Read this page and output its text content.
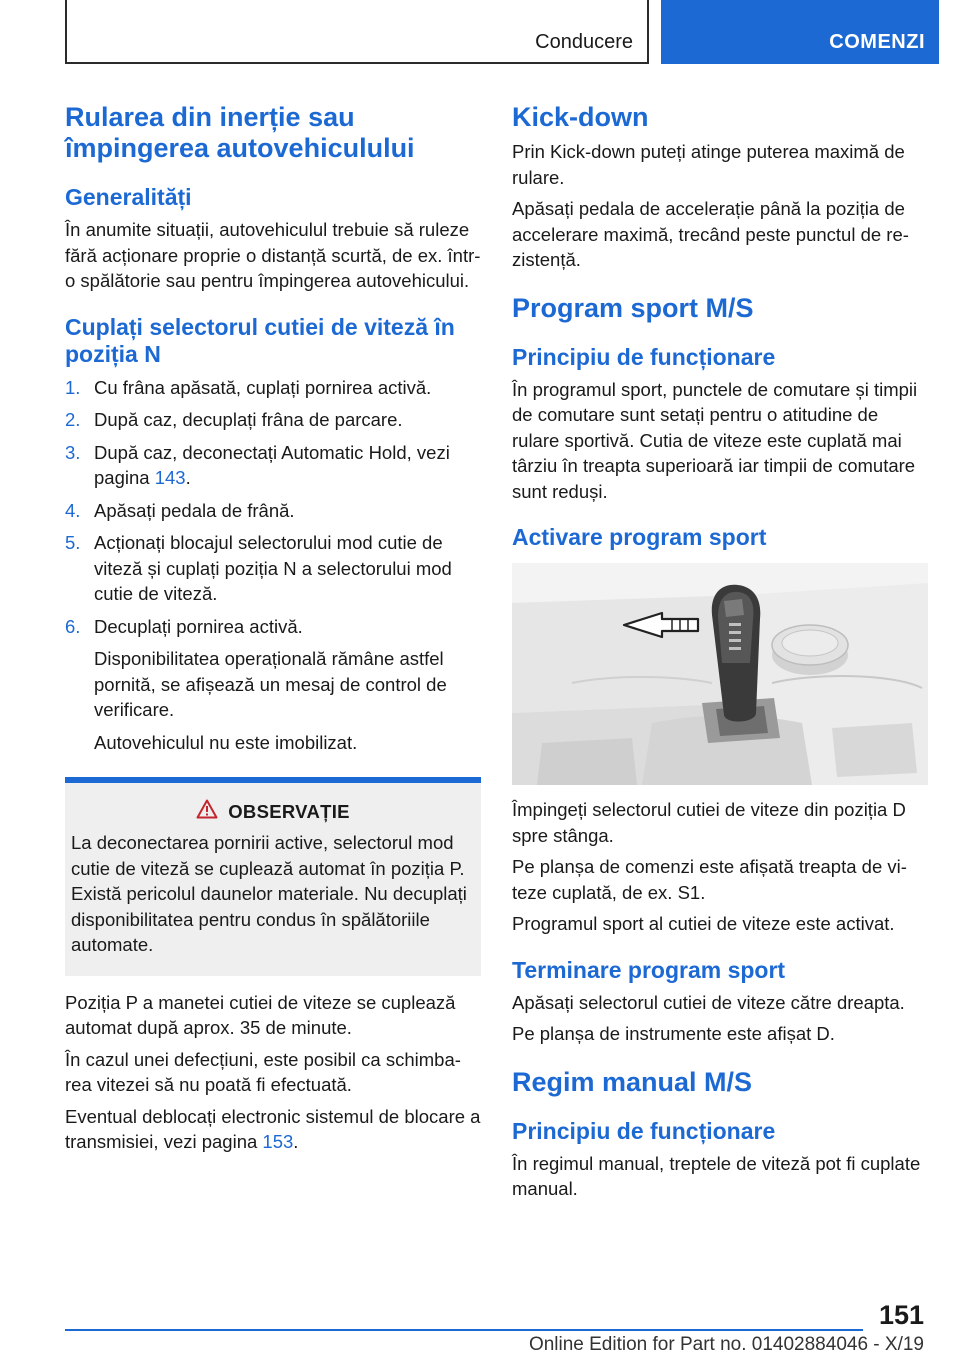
Conducere	COMENZI
Rularea din inerție sau împingerea autovehiculului
Generalități

În anumite situații, autovehiculul trebuie să ruleze fără acționare proprie o distanță scurtă, de ex. într-o spălătorie sau pentru împingerea autovehicului.

Cuplați selectorul cutiei de viteză în poziția N
1. Cu frâna apăsată, cuplați pornirea activă.
2. După caz, decuplați frâna de parcare.
3. După caz, deconectați Automatic Hold, vezi pagina 143.
4. Apăsați pedala de frână.
5. Acționați blocajul selectorului mod cutie de viteză și cuplați poziția N a selectorului mod cutie de viteză.
6. Decuplați pornirea activă.

Disponibilitatea operațională rămâne astfel pornită, se afișează un mesaj de control de verificare.

Autovehiculul nu este imobilizat.

OBSERVAȚIE

La deconectarea pornirii active, selectorul mod cutie de viteză se cuplează automat în poziția P. Există pericolul daunelor materiale. Nu decuplați disponibilitatea pentru condus în spălătoriile automate.

Poziția P a manetei cutiei de viteze se cuplează automat după aprox. 35 de minute.

În cazul unei defecțiuni, este posibil ca schimbarea vitezei să nu poată fi efectuată.

Eventual deblocați electronic sistemul de blocare a transmisiei, vezi pagina 153.

Kick-down

Prin Kick-down puteți atinge puterea maximă de rulare.

Apăsați pedala de accelerație până la poziția de accelerare maximă, trecând peste punctul de rezistență.

Program sport M/S
Principiu de funcționare

În programul sport, punctele de comutare și timpii de comutare sunt setați pentru o atitudine de rulare sportivă. Cutia de viteze este cuplată mai târziu în treapta superioară iar timpii de comutare sunt reduși.

Activare program sport

Împingeți selectorul cutiei de viteze din poziția D spre stânga.

Pe planșa de comenzi este afișată treapta de viteze cuplată, de ex. S1.

Programul sport al cutiei de viteze este activat.

Terminare program sport

Apăsați selectorul cutiei de viteze către dreapta.

Pe planșa de instrumente este afișat D.

Regim manual M/S
Principiu de funcționare

În regimul manual, treptele de viteză pot fi cuplate manual.

151
Online Edition for Part no. 01402884046 - X/19
